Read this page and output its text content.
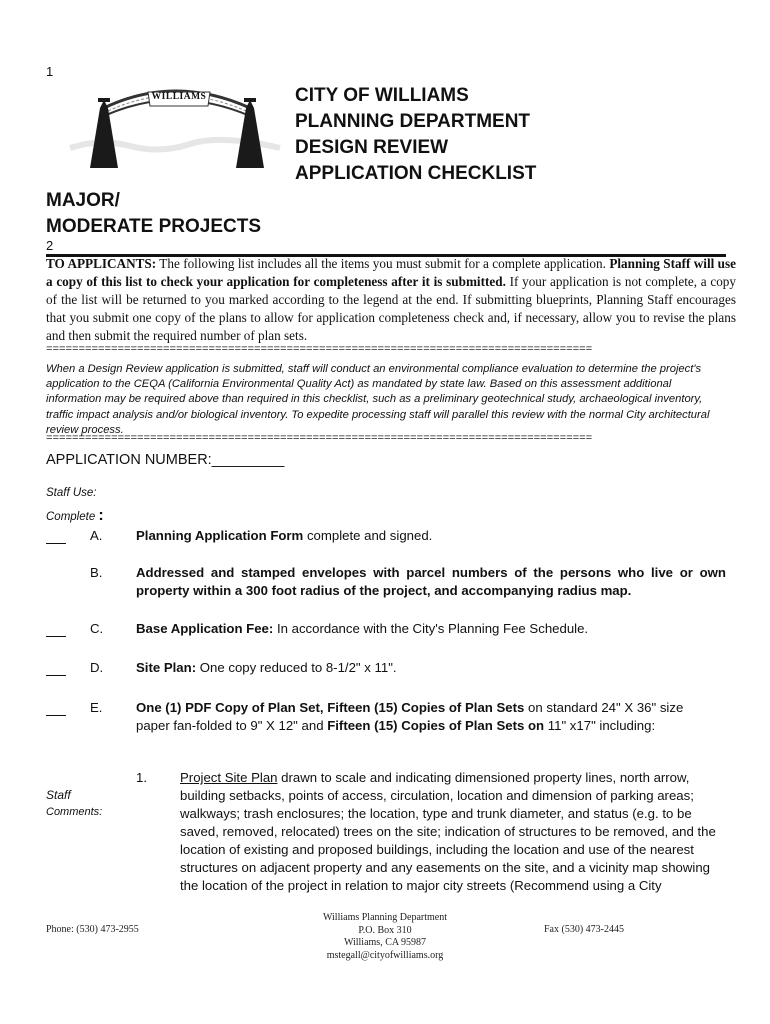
1
WILLIAMS	CITY OF WILLIAMS
PLANNING DEPARTMENT
DESIGN REVIEW
APPLICATION CHECKLIST
MAJOR/
MODERATE PROJECTS
2
TO APPLICANTS: The following list includes all the items you must submit for a complete application. Planning Staff will use a copy of this list to check your application for completeness after it is submitted. If your application is not complete, a copy of the list will be returned to you marked according to the legend at the end. If submitting blueprints, Planning Staff encourages that you submit one copy of the plans to allow for application completeness check and, if necessary, allow you to revise the plans and then submit the required number of plan sets.
====================================================================================
When a Design Review application is submitted, staff will conduct an environmental compliance evaluation to determine the project's application to the CEQA (California Environmental Quality Act) as mandated by state law. Based on this assessment additional information may be required above than required in this checklist, such as a preliminary geotechnical study, archaeological inventory, traffic impact analysis and/or biological inventory. To expedite processing staff will parallel this review with the normal City architectural review process.
====================================================================================
APPLICATION NUMBER:_________
Staff Use:
Complete :
A.	Planning Application Form complete and signed.
B.	Addressed and stamped envelopes with parcel numbers of the persons who live or own property within a 300 foot radius of the project, and accompanying radius map.
C. Base Application Fee: In accordance with the City's Planning Fee Schedule.
D. Site Plan: One copy reduced to 8-1/2" x 11".
E.	One (1) PDF Copy of Plan Set, Fifteen (15) Copies of Plan Sets on standard 24" X 36" size paper fan-folded to 9" X 12" and Fifteen (15) Copies of Plan Sets on 11" x17" including:
1.	Project Site Plan drawn to scale and indicating dimensioned property lines, north arrow, building setbacks, points of access, circulation, location and dimension of parking areas; walkways; trash enclosures; the location, type and trunk diameter, and status (e.g. to be saved, removed, relocated) trees on the site; indication of structures to be removed, and the location of existing and proposed buildings, including the location and use of the nearest structures on adjacent property and any easements on the site, and a vicinity map showing the location of the project in relation to major city streets (Recommend using a City
Staff
Comments:
Phone: (530) 473-2955
Williams Planning Department
P.O. Box 310
Williams, CA 95987
mstegall@cityofwilliams.org
Fax (530) 473-2445
